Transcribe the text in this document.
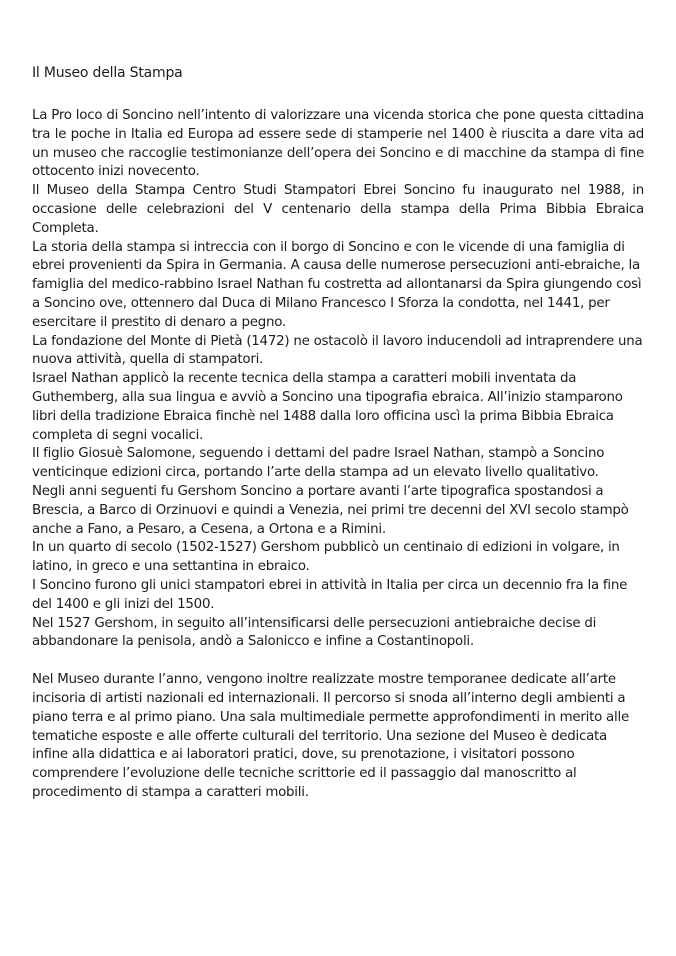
Il Museo della Stampa

La Pro loco di Soncino nell’intento di valorizzare una vicenda storica che pone questa cittadina tra le poche in Italia ed Europa ad essere sede di stamperie nel 1400 è riuscita a dare vita ad un museo che raccoglie testimonianze dell’opera dei Soncino e di macchine da stampa di fine ottocento inizi novecento.

Il Museo della Stampa Centro Studi Stampatori Ebrei Soncino fu inaugurato nel 1988, in occasione delle celebrazioni del V centenario della stampa della Prima Bibbia Ebraica Completa.

La storia della stampa si intreccia con il borgo di Soncino e con le vicende di una famiglia di ebrei provenienti da Spira in Germania. A causa delle numerose persecuzioni anti-ebraiche, la famiglia del medico-rabbino Israel Nathan fu costretta ad allontanarsi da Spira giungendo così a Soncino ove, ottennero dal Duca di Milano Francesco I Sforza la condotta, nel 1441, per esercitare il prestito di denaro a pegno.

La fondazione del Monte di Pietà (1472) ne ostacolò il lavoro inducendoli ad intraprendere una nuova attività, quella di stampatori.

Israel Nathan applicò la recente tecnica della stampa a caratteri mobili inventata da Guthemberg, alla sua lingua e avviò a Soncino una tipografia ebraica. All’inizio stamparono libri della tradizione Ebraica finchè nel 1488 dalla loro officina uscì la prima Bibbia Ebraica completa di segni vocalici.

Il figlio Giosuè Salomone, seguendo i dettami del padre Israel Nathan, stampò a Soncino venticinque edizioni circa, portando l’arte della stampa ad un elevato livello qualitativo.

Negli anni seguenti fu Gershom Soncino a portare avanti l’arte tipografica spostandosi a Brescia, a Barco di Orzinuovi e quindi a Venezia, nei primi tre decenni del XVI secolo stampò anche a Fano, a Pesaro, a Cesena, a Ortona e a Rimini.

In un quarto di secolo (1502-1527) Gershom pubblicò un centinaio di edizioni in volgare, in latino, in greco e una settantina in ebraico.

I Soncino furono gli unici stampatori ebrei in attività in Italia per circa un decennio fra la fine del 1400 e gli inizi del 1500.

Nel 1527 Gershom, in seguito all’intensificarsi delle persecuzioni antiebraiche decise di abbandonare la penisola, andò a Salonicco e infine a Costantinopoli.

Nel Museo durante l’anno, vengono inoltre realizzate mostre temporanee dedicate all’arte incisoria di artisti nazionali ed internazionali. Il percorso si snoda all’interno degli ambienti a piano terra e al primo piano. Una sala multimediale permette approfondimenti in merito alle tematiche esposte e alle offerte culturali del territorio. Una sezione del Museo è dedicata infine alla didattica e ai laboratori pratici, dove, su prenotazione, i visitatori possono comprendere l’evoluzione delle tecniche scrittorie ed il passaggio dal manoscritto al procedimento di stampa a caratteri mobili.
